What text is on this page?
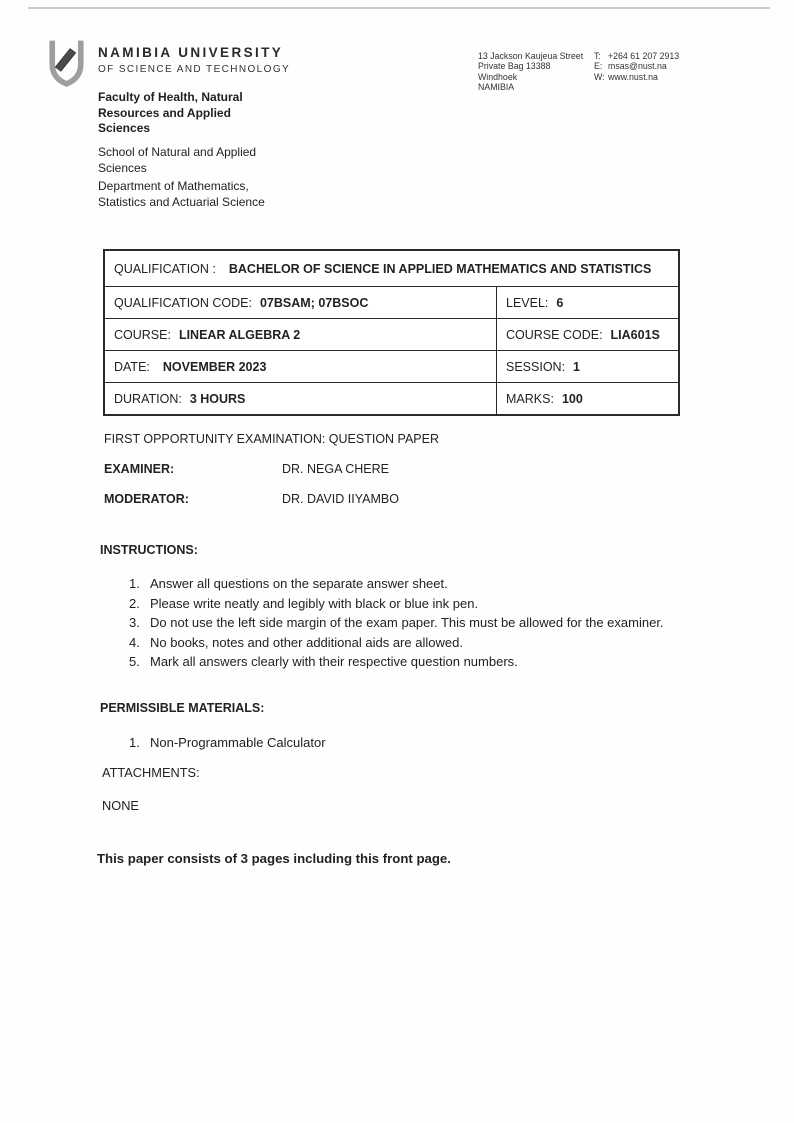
NAMIBIA UNIVERSITY
OF SCIENCE AND TECHNOLOGY
Faculty of Health, Natural Resources and Applied Sciences
School of Natural and Applied Sciences
Department of Mathematics, Statistics and Actuarial Science
13 Jackson Kaujeua Street
Private Bag 13388
Windhoek
NAMIBIA
T: +264 61 207 2913
E: msas@nust.na
W: www.nust.na
QUALIFICATION : BACHELOR OF SCIENCE IN APPLIED MATHEMATICS AND STATISTICS
QUALIFICATION CODE: 07BSAM; 07BSOC	LEVEL: 6
COURSE: LINEAR ALGEBRA 2	COURSE CODE: LIA601S
DATE: NOVEMBER 2023	SESSION: 1
DURATION: 3 HOURS	MARKS: 100
FIRST OPPORTUNITY EXAMINATION: QUESTION PAPER
EXAMINER:	DR. NEGA CHERE
MODERATOR:	DR. DAVID IIYAMBO
INSTRUCTIONS:
1. Answer all questions on the separate answer sheet.
2. Please write neatly and legibly with black or blue ink pen.
3. Do not use the left side margin of the exam paper. This must be allowed for the examiner.
4. No books, notes and other additional aids are allowed.
5. Mark all answers clearly with their respective question numbers.
PERMISSIBLE MATERIALS:
1. Non-Programmable Calculator
ATTACHMENTS:
NONE
This paper consists of 3 pages including this front page.
